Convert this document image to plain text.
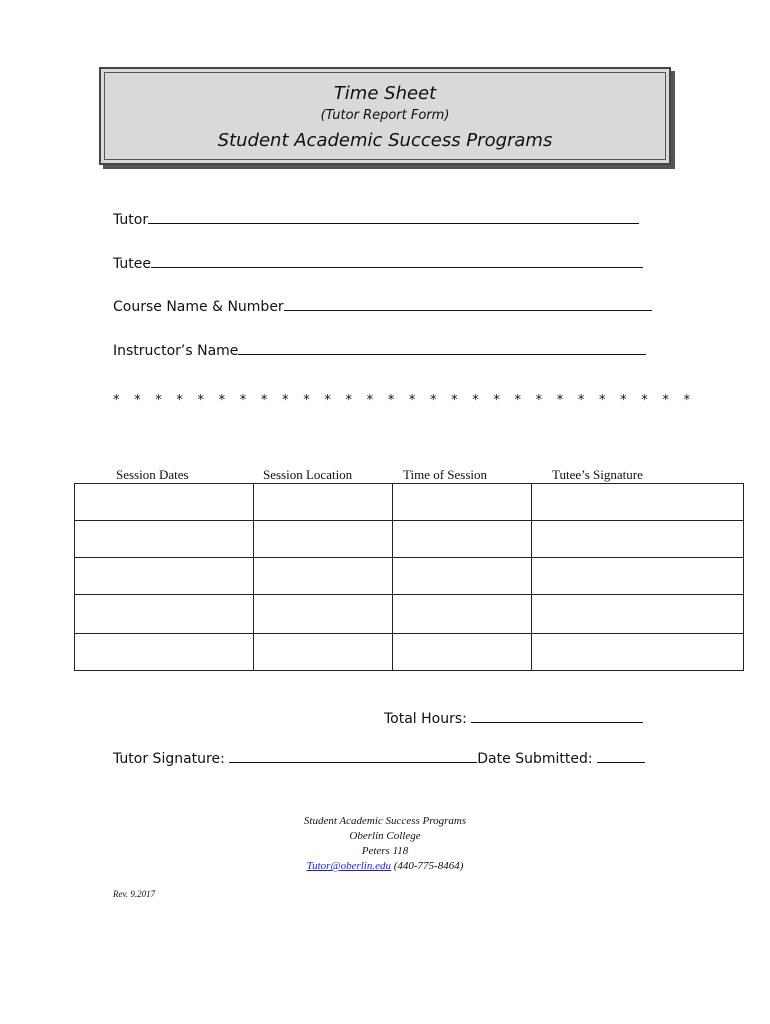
Time Sheet
(Tutor Report Form)
Student Academic Success Programs
Tutor
Tutee
Course Name & Number
Instructor’s Name
* * * * * * * * * * * * * * * * * * * * * * * * * * * *
Session Dates	Session Location	Time of Session	Tutee’s Signature

Total Hours:
Tutor Signature:	Date Submitted:
Student Academic Success Programs
Oberlin College
Peters 118
Tutor@oberlin.edu (440-775-8464)
Rev. 9.2017
